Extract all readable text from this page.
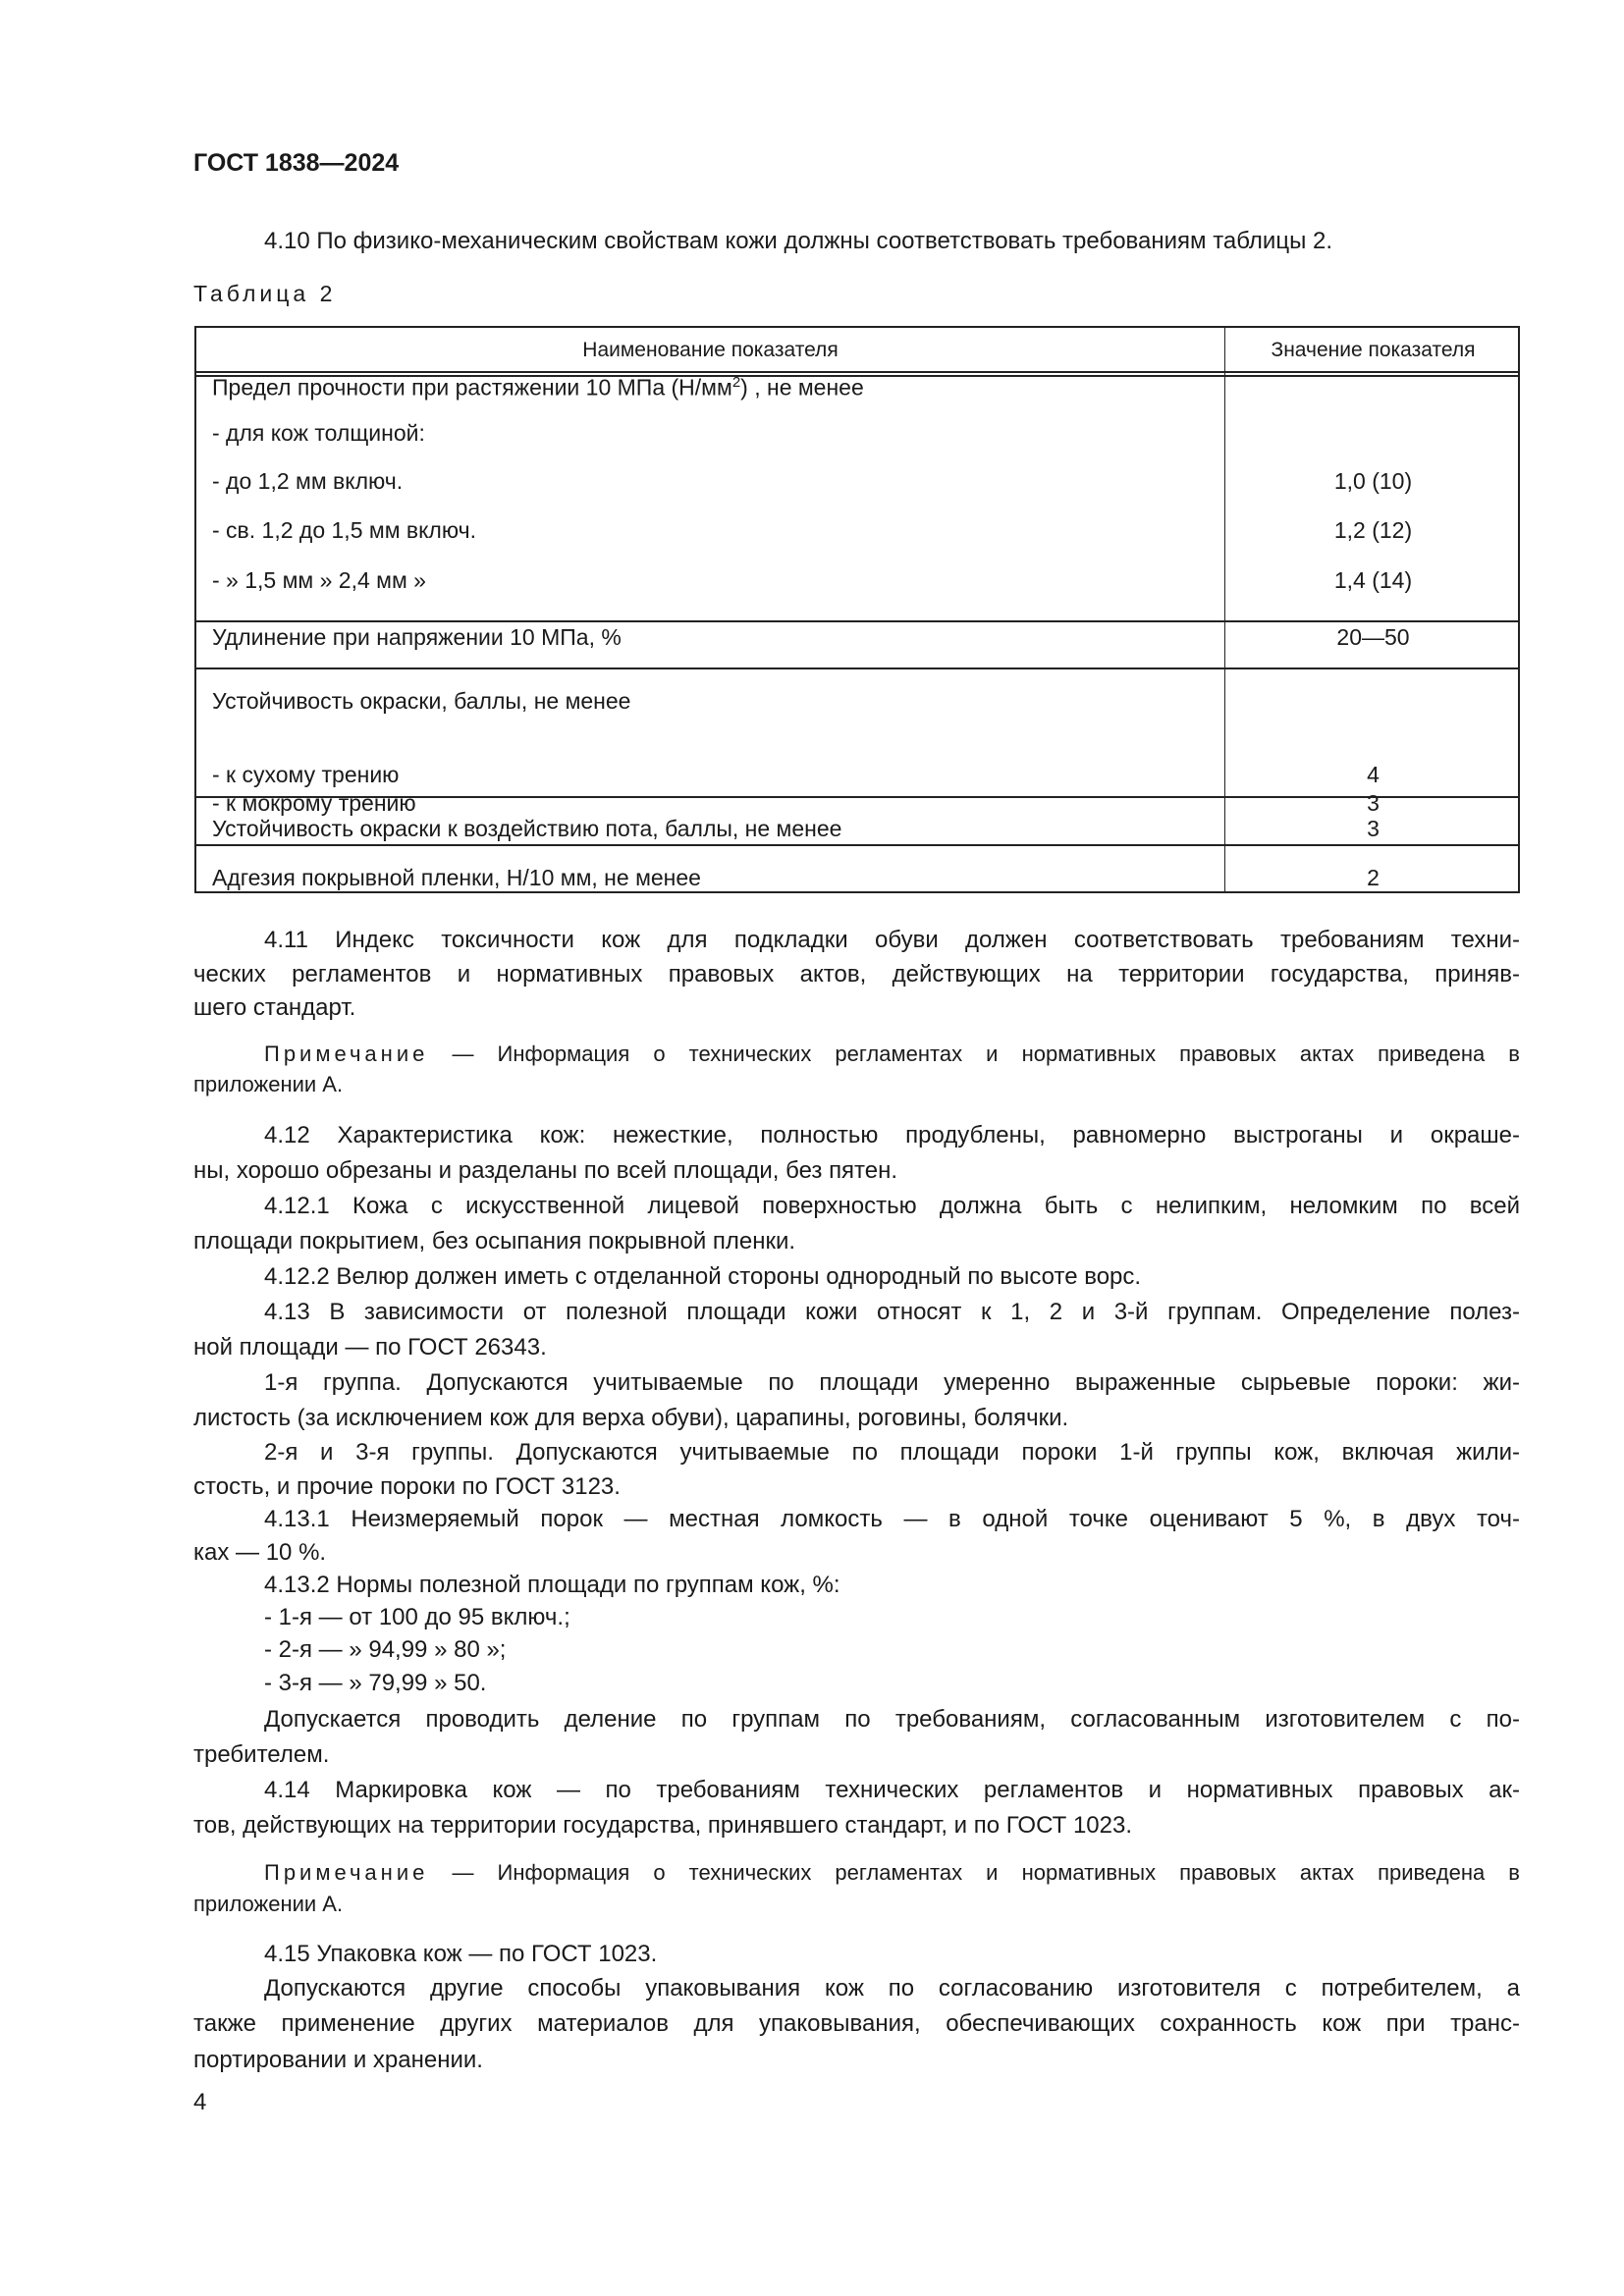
ГОСТ 1838—2024
4.10 По физико-механическим свойствам кожи должны соответствовать требованиям таблицы 2.
Таблица 2
Наименование показателя	Значение показателя
Предел прочности при растяжении 10 МПа $(Н/мм^2)$ , не менее
- для кож толщиной:
- до 1,2 мм включ.	1,0 (10)
- св. 1,2 до 1,5 мм включ.	1,2 (12)
- » 1,5 мм » 2,4 мм »	1,4 (14)
Удлинение при напряжении 10 МПа, %	20—50
Устойчивость окраски, баллы, не менее
- к сухому трению	4
- к мокрому трению	3
Устойчивость окраски к воздействию пота, баллы, не менее	3
Адгезия покрывной пленки, Н/10 мм, не менее	2
4.11 Индекс токсичности кож для подкладки обуви должен соответствовать требованиям техни-
ческих регламентов и нормативных правовых актов, действующих на территории государства, приняв-
шего стандарт.
Примечание — Информация о технических регламентах и нормативных правовых актах приведена в
приложении А.
4.12 Характеристика кож: нежесткие, полностью продублены, равномерно выстроганы и окраше-
ны, хорошо обрезаны и разделаны по всей площади, без пятен.
4.12.1 Кожа с искусственной лицевой поверхностью должна быть с нелипким, неломким по всей
площади покрытием, без осыпания покрывной пленки.
4.12.2 Велюр должен иметь с отделанной стороны однородный по высоте ворс.
4.13 В зависимости от полезной площади кожи относят к 1, 2 и 3-й группам. Определение полез-
ной площади — по ГОСТ 26343.
1-я группа. Допускаются учитываемые по площади умеренно выраженные сырьевые пороки: жи-
листость (за исключением кож для верха обуви), царапины, роговины, болячки.
2-я и 3-я группы. Допускаются учитываемые по площади пороки 1-й группы кож, включая жили-
стость, и прочие пороки по ГОСТ 3123.
4.13.1 Неизмеряемый порок — местная ломкость — в одной точке оценивают 5 %, в двух точ-
ках — 10 %.
4.13.2 Нормы полезной площади по группам кож, %:
- 1-я — от 100 до 95 включ.;
- 2-я — » 94,99 » 80 »;
- 3-я — » 79,99 » 50.
Допускается проводить деление по группам по требованиям, согласованным изготовителем с по-
требителем.
4.14 Маркировка кож — по требованиям технических регламентов и нормативных правовых ак-
тов, действующих на территории государства, принявшего стандарт, и по ГОСТ 1023.
Примечание — Информация о технических регламентах и нормативных правовых актах приведена в
приложении А.
4.15 Упаковка кож — по ГОСТ 1023.
Допускаются другие способы упаковывания кож по согласованию изготовителя с потребителем, а
также применение других материалов для упаковывания, обеспечивающих сохранность кож при транс-
портировании и хранении.
4
